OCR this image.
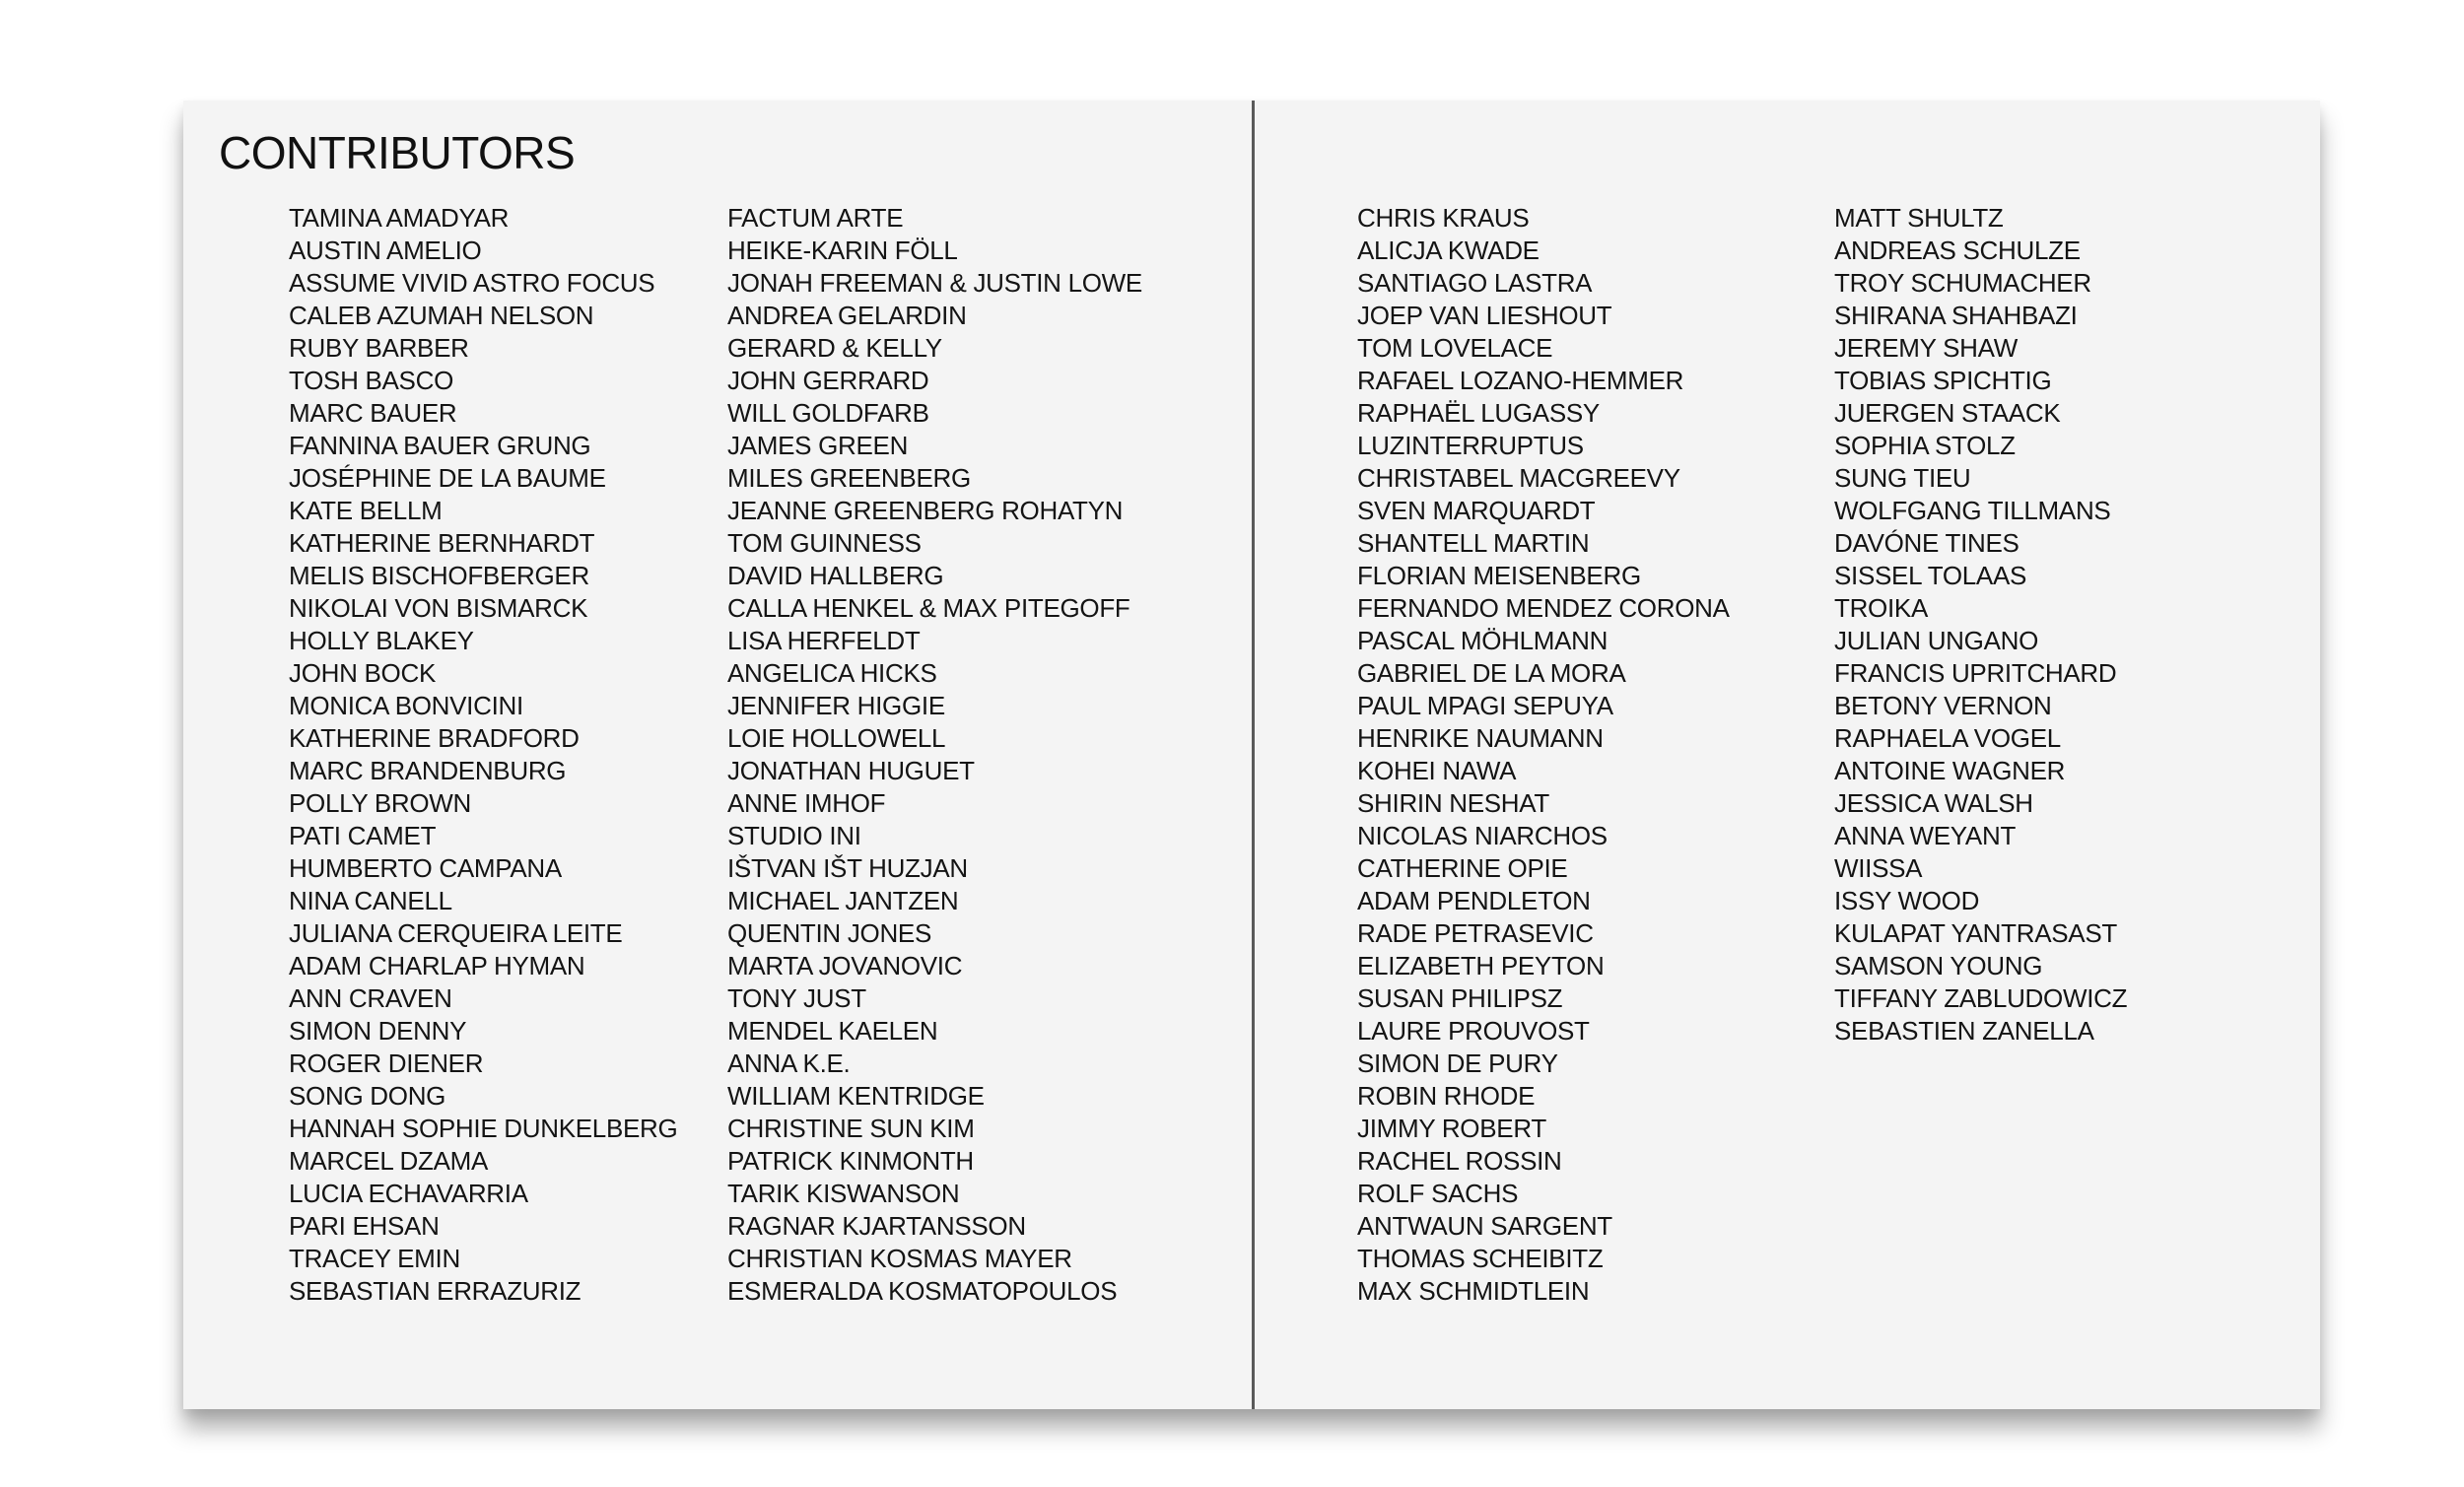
CONTRIBUTORS
TAMINA AMADYAR
AUSTIN AMELIO
ASSUME VIVID ASTRO FOCUS
CALEB AZUMAH NELSON
RUBY BARBER
TOSH BASCO
MARC BAUER
FANNINA BAUER GRUNG
JOSÉPHINE DE LA BAUME
KATE BELLM
KATHERINE BERNHARDT
MELIS BISCHOFBERGER
NIKOLAI VON BISMARCK
HOLLY BLAKEY
JOHN BOCK
MONICA BONVICINI
KATHERINE BRADFORD
MARC BRANDENBURG
POLLY BROWN
PATI CAMET
HUMBERTO CAMPANA
NINA CANELL
JULIANA CERQUEIRA LEITE
ADAM CHARLAP HYMAN
ANN CRAVEN
SIMON DENNY
ROGER DIENER
SONG DONG
HANNAH SOPHIE DUNKELBERG
MARCEL DZAMA
LUCIA ECHAVARRIA
PARI EHSAN
TRACEY EMIN
SEBASTIAN ERRAZURIZ
FACTUM ARTE
HEIKE-KARIN FÖLL
JONAH FREEMAN & JUSTIN LOWE
ANDREA GELARDIN
GERARD & KELLY
JOHN GERRARD
WILL GOLDFARB
JAMES GREEN
MILES GREENBERG
JEANNE GREENBERG ROHATYN
TOM GUINNESS
DAVID HALLBERG
CALLA HENKEL & MAX PITEGOFF
LISA HERFELDT
ANGELICA HICKS
JENNIFER HIGGIE
LOIE HOLLOWELL
JONATHAN HUGUET
ANNE IMHOF
STUDIO INI
IŠTVAN IŠT HUZJAN
MICHAEL JANTZEN
QUENTIN JONES
MARTA JOVANOVIC
TONY JUST
MENDEL KAELEN
ANNA K.E.
WILLIAM KENTRIDGE
CHRISTINE SUN KIM
PATRICK KINMONTH
TARIK KISWANSON
RAGNAR KJARTANSSON
CHRISTIAN KOSMAS MAYER
ESMERALDA KOSMATOPOULOS
CHRIS KRAUS
ALICJA KWADE
SANTIAGO LASTRA
JOEP VAN LIESHOUT
TOM LOVELACE
RAFAEL LOZANO-HEMMER
RAPHAËL LUGASSY
LUZINTERRUPTUS
CHRISTABEL MACGREEVY
SVEN MARQUARDT
SHANTELL MARTIN
FLORIAN MEISENBERG
FERNANDO MENDEZ CORONA
PASCAL MÖHLMANN
GABRIEL DE LA MORA
PAUL MPAGI SEPUYA
HENRIKE NAUMANN
KOHEI NAWA
SHIRIN NESHAT
NICOLAS NIARCHOS
CATHERINE OPIE
ADAM PENDLETON
RADE PETRASEVIC
ELIZABETH PEYTON
SUSAN PHILIPSZ
LAURE PROUVOST
SIMON DE PURY
ROBIN RHODE
JIMMY ROBERT
RACHEL ROSSIN
ROLF SACHS
ANTWAUN SARGENT
THOMAS SCHEIBITZ
MAX SCHMIDTLEIN
MATT SHULTZ
ANDREAS SCHULZE
TROY SCHUMACHER
SHIRANA SHAHBAZI
JEREMY SHAW
TOBIAS SPICHTIG
JUERGEN STAACK
SOPHIA STOLZ
SUNG TIEU
WOLFGANG TILLMANS
DAVÓNE TINES
SISSEL TOLAAS
TROIKA
JULIAN UNGANO
FRANCIS UPRITCHARD
BETONY VERNON
RAPHAELA VOGEL
ANTOINE WAGNER
JESSICA WALSH
ANNA WEYANT
WIISSA
ISSY WOOD
KULAPAT YANTRASAST
SAMSON YOUNG
TIFFANY ZABLUDOWICZ
SEBASTIEN ZANELLA
